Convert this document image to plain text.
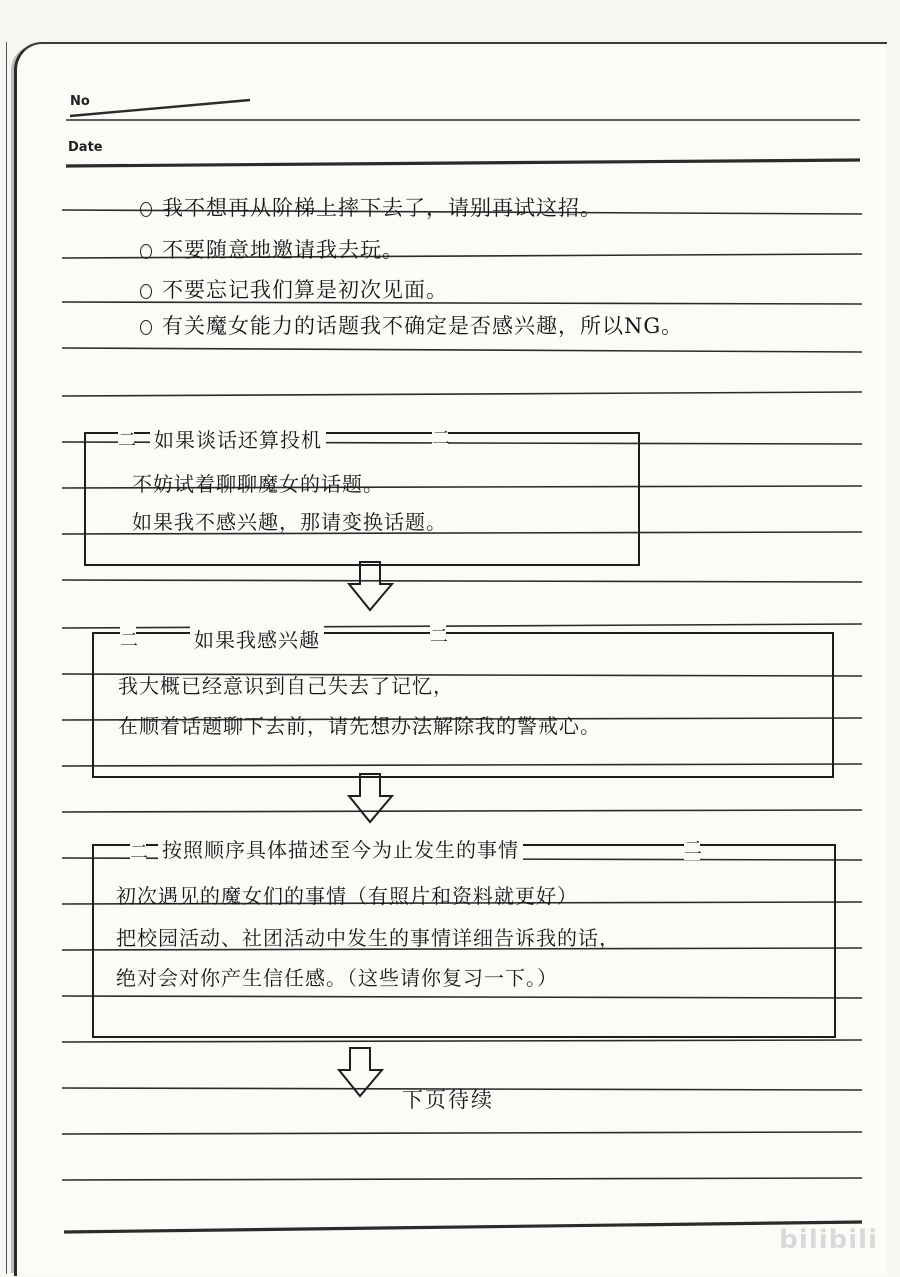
No
Date
我不想再从阶梯上摔下去了，请别再试这招。
不要随意地邀请我去玩。
不要忘记我们算是初次见面。
有关魔女能力的话题我不确定是否感兴趣，所以NG。
二 如果谈话还算投机	二
不妨试着聊聊魔女的话题。
如果我不感兴趣，那请变换话题。
二	如果我感兴趣	二
我大概已经意识到自己失去了记忆，
在顺着话题聊下去前，请先想办法解除我的警戒心。
二 按照顺序具体描述至今为止发生的事情	二
初次遇见的魔女们的事情（有照片和资料就更好）
把校园活动、社团活动中发生的事情详细告诉我的话，
绝对会对你产生信任感。（这些请你复习一下。）
下页待续
bilibili
